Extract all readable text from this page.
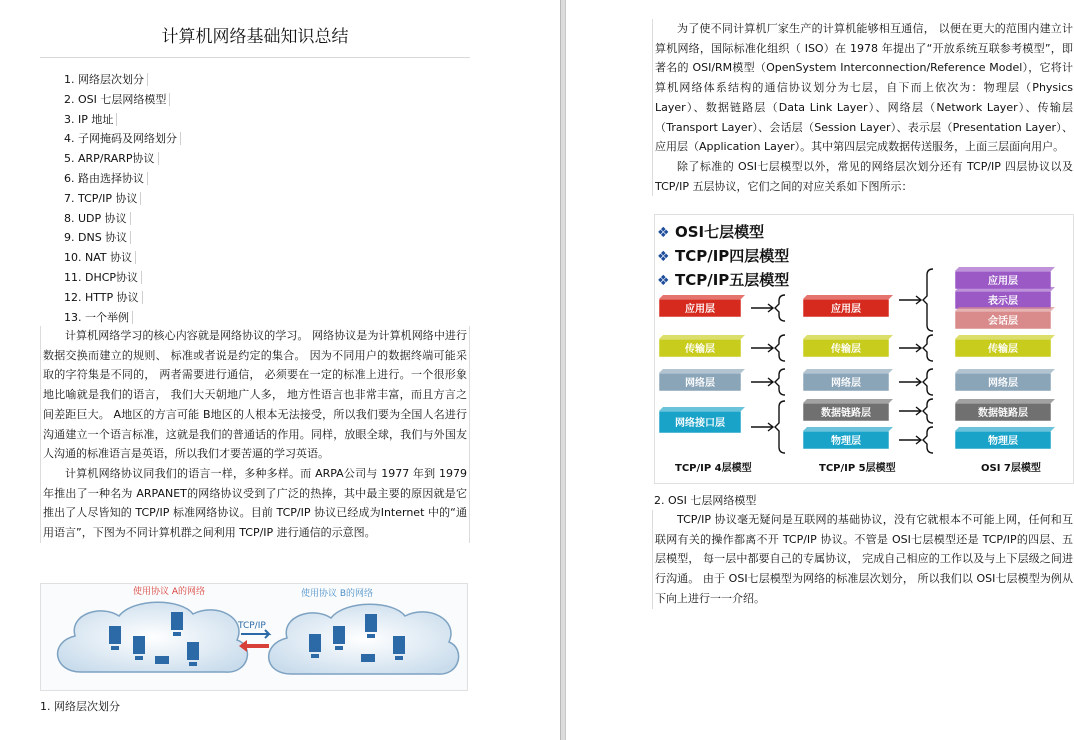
计算机网络基础知识总结
1. 网络层次划分
2. OSI 七层网络模型
3. IP 地址
4. 子网掩码及网络划分
5. ARP/RARP协议
6. 路由选择协议
7. TCP/IP 协议
8. UDP 协议
9. DNS 协议
10. NAT 协议
11. DHCP协议
12. HTTP 协议
13. 一个举例

计算机网络学习的核心内容就是网络协议的学习。 网络协议是为计算机网络中进行数据交换而建立的规则、 标准或者说是约定的集合。 因为不同用户的数据终端可能采取的字符集是不同的， 两者需要进行通信， 必须要在一定的标准上进行。一个很形象地比喻就是我们的语言， 我们大天朝地广人多， 地方性语言也非常丰富，而且方言之间差距巨大。 A地区的方言可能 B地区的人根本无法接受，所以我们要为全国人名进行沟通建立一个语言标准，这就是我们的普通话的作用。同样，放眼全球，我们与外国友人沟通的标准语言是英语，所以我们才要苦逼的学习英语。

计算机网络协议同我们的语言一样，多种多样。而 ARPA公司与 1977 年到 1979年推出了一种名为 ARPANET的网络协议受到了广泛的热捧，其中最主要的原因就是它推出了人尽皆知的 TCP/IP 标准网络协议。目前 TCP/IP 协议已经成为Internet 中的“通用语言”，下图为不同计算机群之间利用 TCP/IP 进行通信的示意图。

使用协议 A的网络	使用协议 B的网络
TCP/IP
1. 网络层次划分

为了使不同计算机厂家生产的计算机能够相互通信， 以便在更大的范围内建立计算机网络，国际标准化组织（ ISO）在 1978 年提出了“开放系统互联参考模型”，即著名的 OSI/RM模型（OpenSystem Interconnection/Reference Model），它将计算机网络体系结构的通信协议划分为七层，自下而上依次为：物理层（Physics Layer）、数据链路层（Data Link Layer）、网络层（Network Layer）、传输层（Transport Layer）、会话层（Session Layer）、表示层（Presentation Layer）、应用层（Application Layer）。其中第四层完成数据传送服务，上面三层面向用户。

除了标准的 OSI七层模型以外，常见的网络层次划分还有 TCP/IP 四层协议以及 TCP/IP 五层协议，它们之间的对应关系如下图所示：

❖ OSI七层模型
❖ TCP/IP四层模型
❖ TCP/IP五层模型
应用层
传输层
网络层
网络接口层
应用层
传输层
网络层
数据链路层
物理层
应用层
表示层
会话层
传输层
网络层
数据链路层
物理层
TCP/IP 4层模型	TCP/IP 5层模型	OSI 7层模型
2. OSI 七层网络模型

TCP/IP 协议毫无疑问是互联网的基础协议，没有它就根本不可能上网，任何和互联网有关的操作都离不开 TCP/IP 协议。不管是 OSI七层模型还是 TCP/IP的四层、五层模型， 每一层中都要自己的专属协议， 完成自己相应的工作以及与上下层级之间进行沟通。 由于 OSI七层模型为网络的标准层次划分， 所以我们以 OSI七层模型为例从下向上进行一一介绍。
